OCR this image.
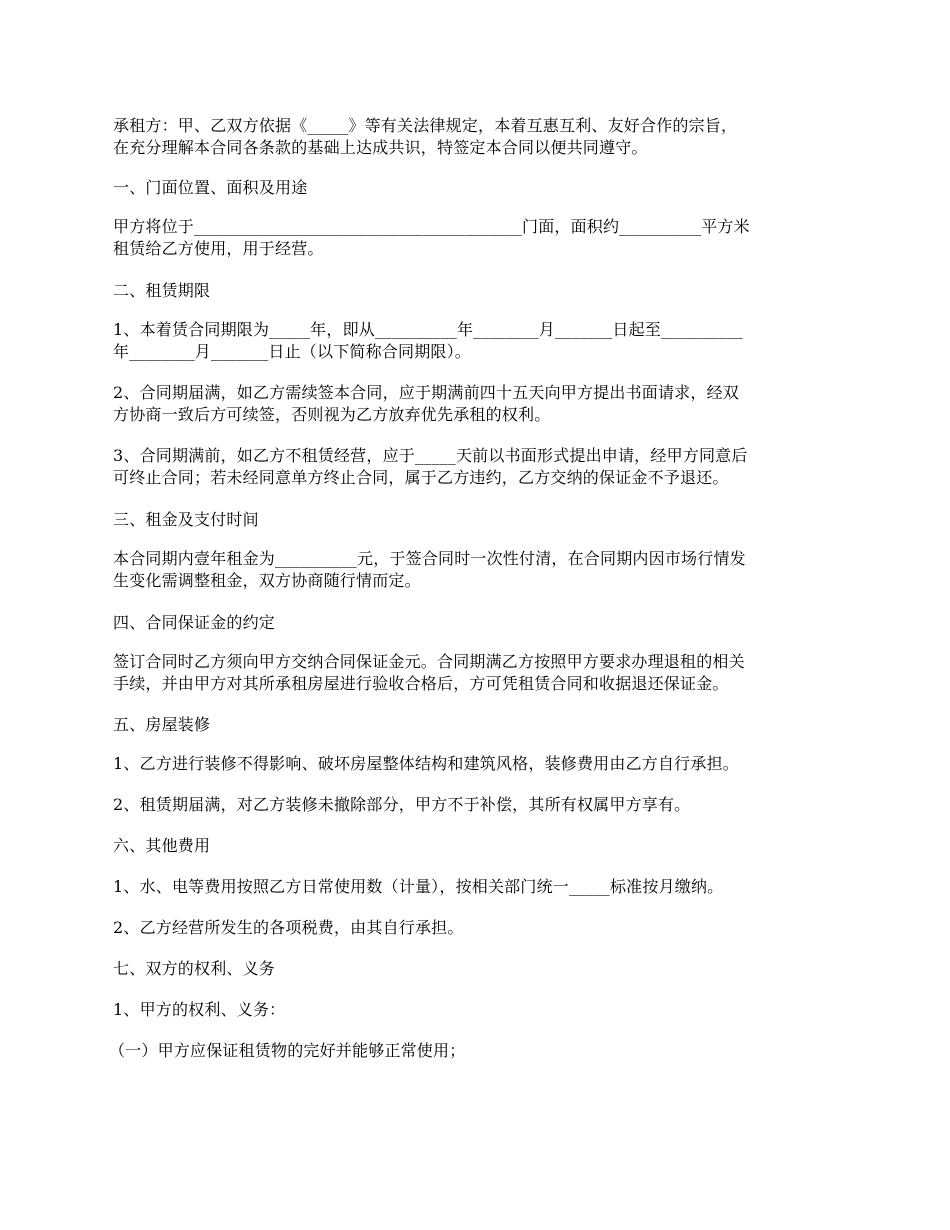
承租方：甲、乙双方依据《_____》等有关法律规定，本着互惠互利、友好合作的宗旨，
在充分理解本合同各条款的基础上达成共识，特签定本合同以便共同遵守。
一、门面位置、面积及用途
甲方将位于________________________________________门面，面积约__________平方米
租赁给乙方使用，用于经营。
二、租赁期限
1、本着赁合同期限为_____年，即从__________年________月_______日起至__________
年________月_______日止（以下简称合同期限）。
2、合同期届满，如乙方需续签本合同，应于期满前四十五天向甲方提出书面请求，经双
方协商一致后方可续签，否则视为乙方放弃优先承租的权利。
3、合同期满前，如乙方不租赁经营，应于_____天前以书面形式提出申请，经甲方同意后
可终止合同；若未经同意单方终止合同，属于乙方违约，乙方交纳的保证金不予退还。
三、租金及支付时间
本合同期内壹年租金为__________元，于签合同时一次性付清，在合同期内因市场行情发
生变化需调整租金，双方协商随行情而定。
四、合同保证金的约定
签订合同时乙方须向甲方交纳合同保证金元。合同期满乙方按照甲方要求办理退租的相关
手续，并由甲方对其所承租房屋进行验收合格后，方可凭租赁合同和收据退还保证金。
五、房屋装修
1、乙方进行装修不得影响、破坏房屋整体结构和建筑风格，装修费用由乙方自行承担。
2、租赁期届满，对乙方装修未撤除部分，甲方不于补偿，其所有权属甲方享有。
六、其他费用
1、水、电等费用按照乙方日常使用数（计量），按相关部门统一_____标准按月缴纳。
2、乙方经营所发生的各项税费，由其自行承担。
七、双方的权利、义务
1、甲方的权利、义务：
（一）甲方应保证租赁物的完好并能够正常使用；
